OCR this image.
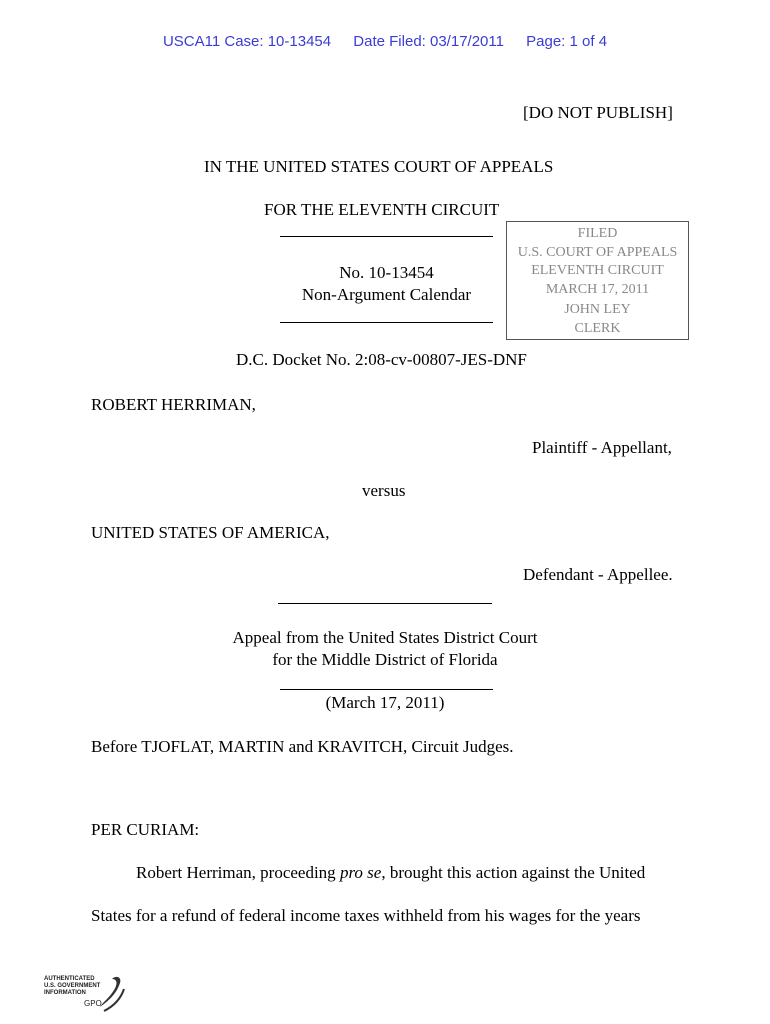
USCA11 Case: 10-13454 Date Filed: 03/17/2011 Page: 1 of 4
[DO NOT PUBLISH]
IN THE UNITED STATES COURT OF APPEALS
FOR THE ELEVENTH CIRCUIT
No. 10-13454
Non-Argument Calendar
FILED
U.S. COURT OF APPEALS
ELEVENTH CIRCUIT
MARCH 17, 2011
JOHN LEY
CLERK
D.C. Docket No. 2:08-cv-00807-JES-DNF
ROBERT HERRIMAN,
Plaintiff - Appellant,
versus
UNITED STATES OF AMERICA,
Defendant - Appellee.
Appeal from the United States District Court
for the Middle District of Florida
(March 17, 2011)
Before TJOFLAT, MARTIN and KRAVITCH, Circuit Judges.
PER CURIAM:
Robert Herriman, proceeding pro se, brought this action against the United
States for a refund of federal income taxes withheld from his wages for the years
AUTHENTICATED
U.S. GOVERNMENT
INFORMATION
GPO
